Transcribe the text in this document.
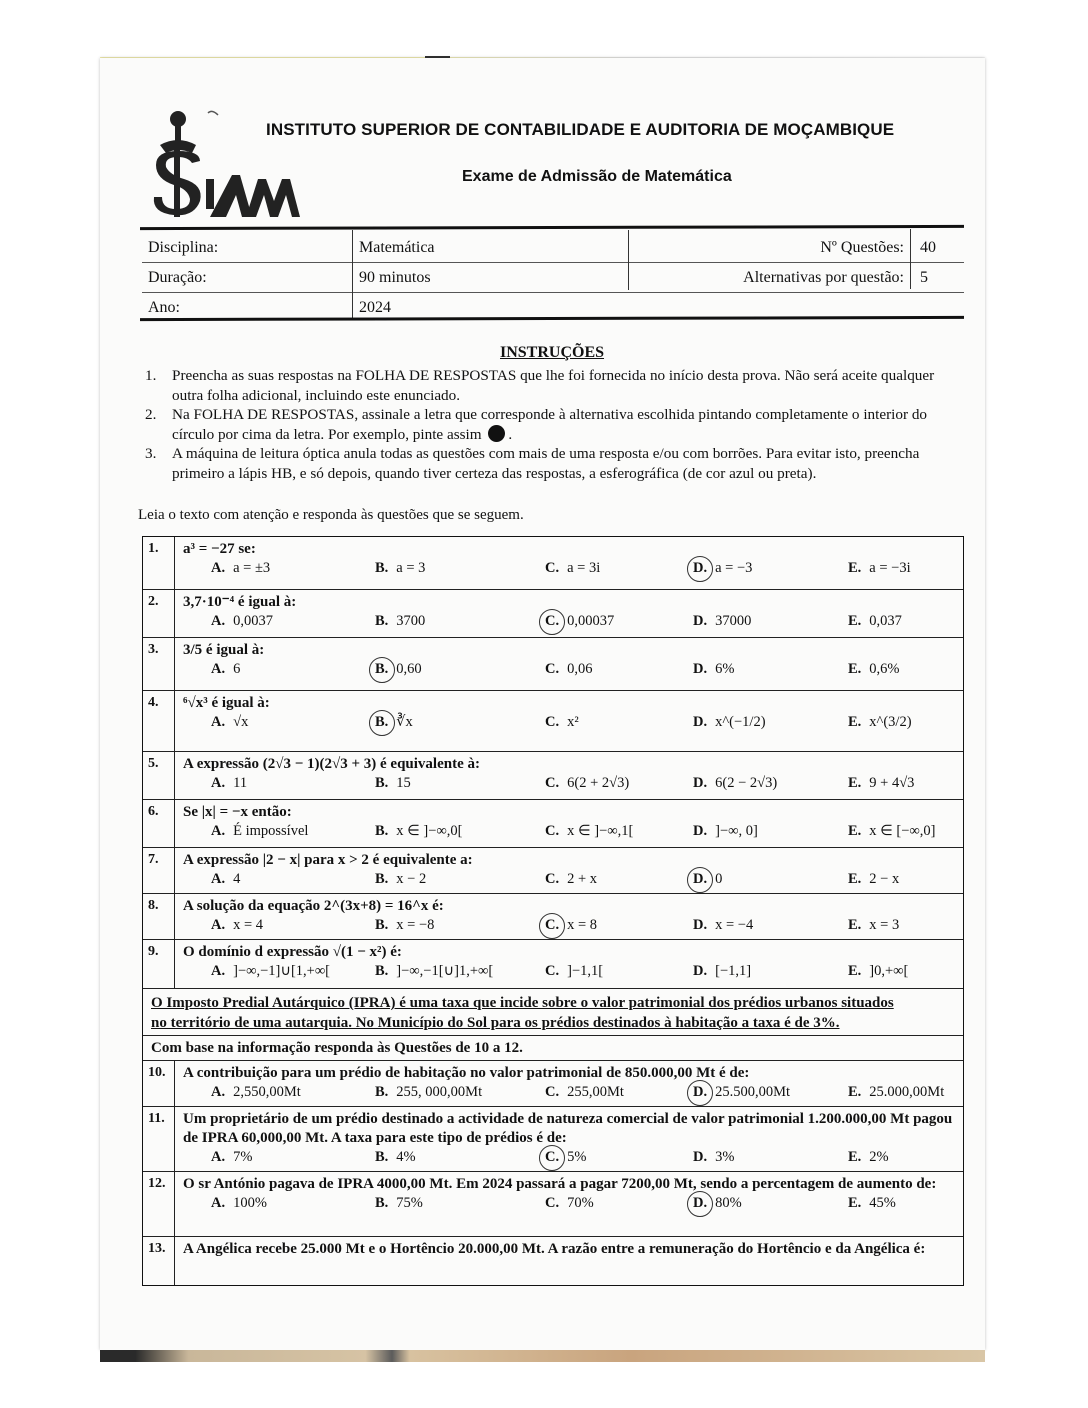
INSTITUTO SUPERIOR DE CONTABILIDADE E AUDITORIA DE MOÇAMBIQUE
Exame de Admissão de Matemática
Disciplina:	Matemática	Nº Questões: 40
Duração:	90 minutos	Alternativas por questão: 5
Ano:	2024
INSTRUÇÕES

1. Preencha as suas respostas na FOLHA DE RESPOSTAS que lhe foi fornecida no início desta prova. Não será aceite qualquer outra folha adicional, incluindo este enunciado.

2. Na FOLHA DE RESPOSTAS, assinale a letra que corresponde à alternativa escolhida pintando completamente o interior do círculo por cima da letra. Por exemplo, pinte assim .

3. A máquina de leitura óptica anula todas as questões com mais de uma resposta e/ou com borrões. Para evitar isto, preencha primeiro a lápis HB, e só depois, quando tiver certeza das respostas, a esferográfica (de cor azul ou preta).

Leia o texto com atenção e responda às questões que se seguem.
1.	a³ = −27 se:
A. a = ±3	B. a = 3	C. a = 3i	D. a = −3	E. a = −3i
2.	3,7·10⁻⁴ é igual à:
A. 0,0037	B. 3700	C. 0,00037	D. 37000	E. 0,037
3.	3/5 é igual à:
A. 6	B. 0,60	C. 0,06	D. 6%	E. 0,6%
4.	⁶√x³ é igual à:
A. √x	B. ∛x	C. x²	D. x^(−1/2)	E. x^(3/2)
5.	A expressão (2√3 − 1)(2√3 + 3) é equivalente à:
A. 11	B. 15	C. 6(2 + 2√3)	D. 6(2 − 2√3)	E. 9 + 4√3
6.	Se |x| = −x então:
A. É impossível	B. x ∈ ]−∞,0[	C. x ∈ ]−∞,1[	D. ]−∞, 0]	E. x ∈ [−∞,0]
7.	A expressão |2 − x| para x > 2 é equivalente a:
A. 4	B. x − 2	C. 2 + x	D. 0	E. 2 − x
8.	A solução da equação 2^(3x+8) = 16^x é:
A. x = 4	B. x = −8	C. x = 8	D. x = −4	E. x = 3
9.	O domínio d expressão √(1 − x²) é:
A. ]−∞,−1]∪[1,+∞[	B. ]−∞,−1[∪]1,+∞[	C. ]−1,1[	D. [−1,1]	E. ]0,+∞[
O Imposto Predial Autárquico (IPRA) é uma taxa que incide sobre o valor patrimonial dos prédios urbanos situados
no território de uma autarquia. No Município do Sol para os prédios destinados à habitação a taxa é de 3%.
Com base na informação responda às Questões de 10 a 12.
10.	A contribuição para um prédio de habitação no valor patrimonial de 850.000,00 Mt é de:
A. 2,550,00Mt	B. 255, 000,00Mt	C. 255,00Mt	D. 25.500,00Mt	E. 25.000,00Mt
11.	Um proprietário de um prédio destinado a actividade de natureza comercial de valor patrimonial 1.200.000,00 Mt pagou de IPRA 60,000,00 Mt. A taxa para este tipo de prédios é de:
A. 7%	B. 4%	C. 5%	D. 3%	E. 2%
12.	O sr António pagava de IPRA 4000,00 Mt. Em 2024 passará a pagar 7200,00 Mt, sendo a percentagem de aumento de:
A. 100%	B. 75%	C. 70%	D. 80%	E. 45%
13.	A Angélica recebe 25.000 Mt e o Hortêncio 20.000,00 Mt. A razão entre a remuneração do Hortêncio e da Angélica é:
